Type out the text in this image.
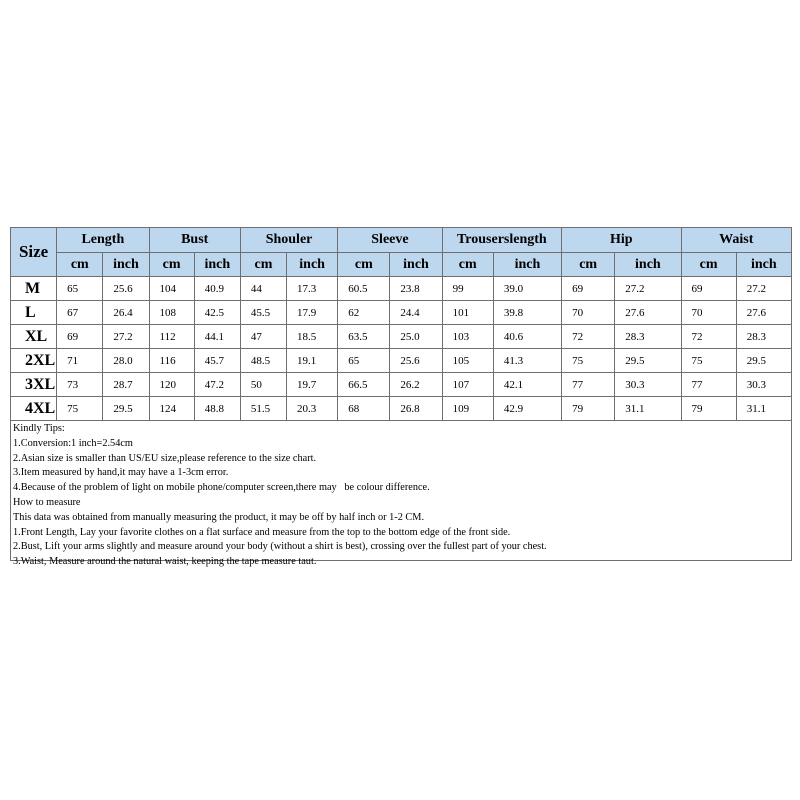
Size	Length		Bust		Shouler		Sleeve		Trouserslength		Hip		Waist	
	cm	inch	cm	inch	cm	inch	cm	inch	cm	inch	cm	inch	cm	inch
M	65	25.6	104	40.9	44	17.3	60.5	23.8	99	39.0	69	27.2	69	27.2
L	67	26.4	108	42.5	45.5	17.9	62	24.4	101	39.8	70	27.6	70	27.6
XL	69	27.2	112	44.1	47	18.5	63.5	25.0	103	40.6	72	28.3	72	28.3
2XL	71	28.0	116	45.7	48.5	19.1	65	25.6	105	41.3	75	29.5	75	29.5
3XL	73	28.7	120	47.2	50	19.7	66.5	26.2	107	42.1	77	30.3	77	30.3
4XL	75	29.5	124	48.8	51.5	20.3	68	26.8	109	42.9	79	31.1	79	31.1
Kindly Tips:
1.Conversion:1 inch=2.54cm
2.Asian size is smaller than US/EU size,please reference to the size chart.
3.Item measured by hand,it may have a 1-3cm error.
4.Because of the problem of light on mobile phone/computer screen,there may   be colour difference.
How to measure
This data was obtained from manually measuring the product, it may be off by half inch or 1-2 CM.
1.Front Length, Lay your favorite clothes on a flat surface and measure from the top to the bottom edge of the front side.
2.Bust, Lift your arms slightly and measure around your body (without a shirt is best), crossing over the fullest part of your chest.
3.Waist, Measure around the natural waist, keeping the tape measure taut.
